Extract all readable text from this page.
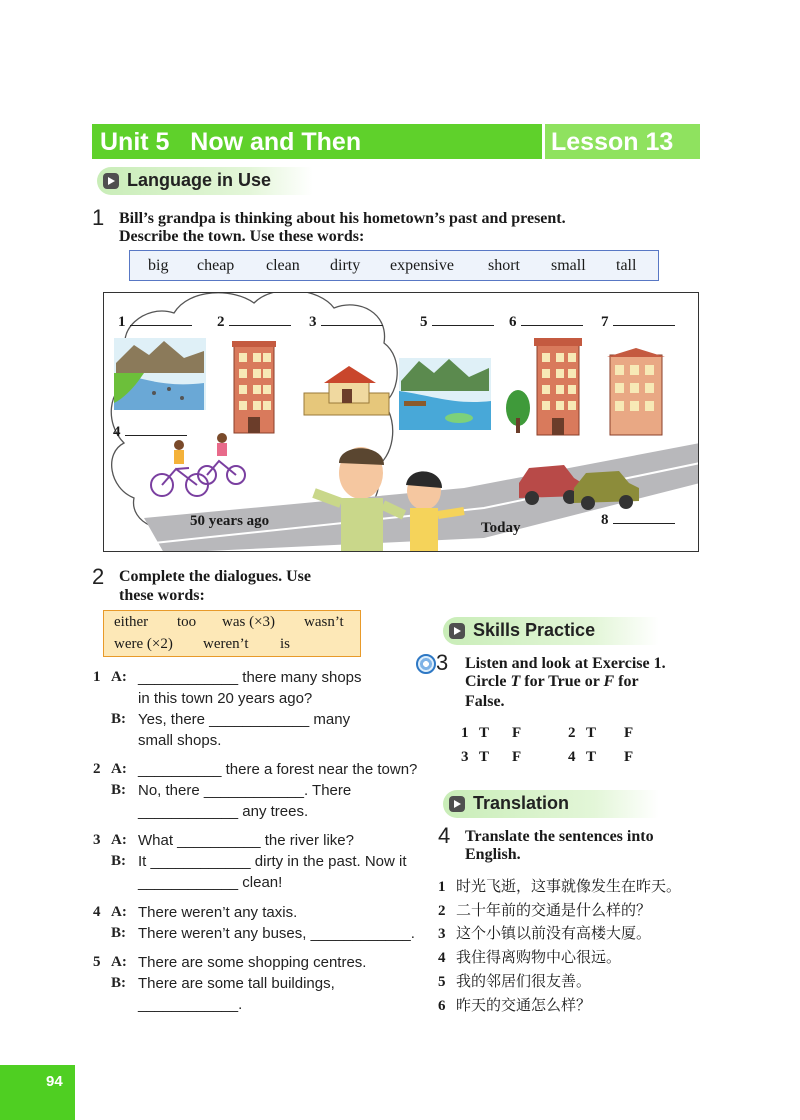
Unit 5   Now and Then	Lesson 13
Language in Use
1 Bill’s grandpa is thinking about his hometown’s past and present.
Describe the town. Use these words:
big cheap clean dirty expensive short small tall
1	2	3	5	6	7
4
8
50 years ago	Today
2 Complete the dialogues. Use
these words:
either too was (×3) wasn’t
were (×2) weren’t is
1 A: ____________ there many shops
in this town 20 years ago?
B: Yes, there ____________ many
small shops.
2 A: __________ there a forest near the town?
B: No, there ____________. There
____________ any trees.
3 A: What __________ the river like?
B: It ____________ dirty in the past. Now it
____________ clean!
4 A: There weren’t any taxis.
B: There weren’t any buses, ____________.
5 A: There are some shopping centres.
B: There are some tall buildings,
____________.
Skills Practice
3 Listen and look at Exercise 1.
Circle T for True or F for
False.
1 T F	2 T F
3 T F	4 T F
Translation
4 Translate the sentences into
English.
1 时光飞逝，这事就像发生在昨天。
2 二十年前的交通是什么样的？
3 这个小镇以前没有高楼大厦。
4 我住得离购物中心很远。
5 我的邻居们很友善。
6 昨天的交通怎么样？
94
